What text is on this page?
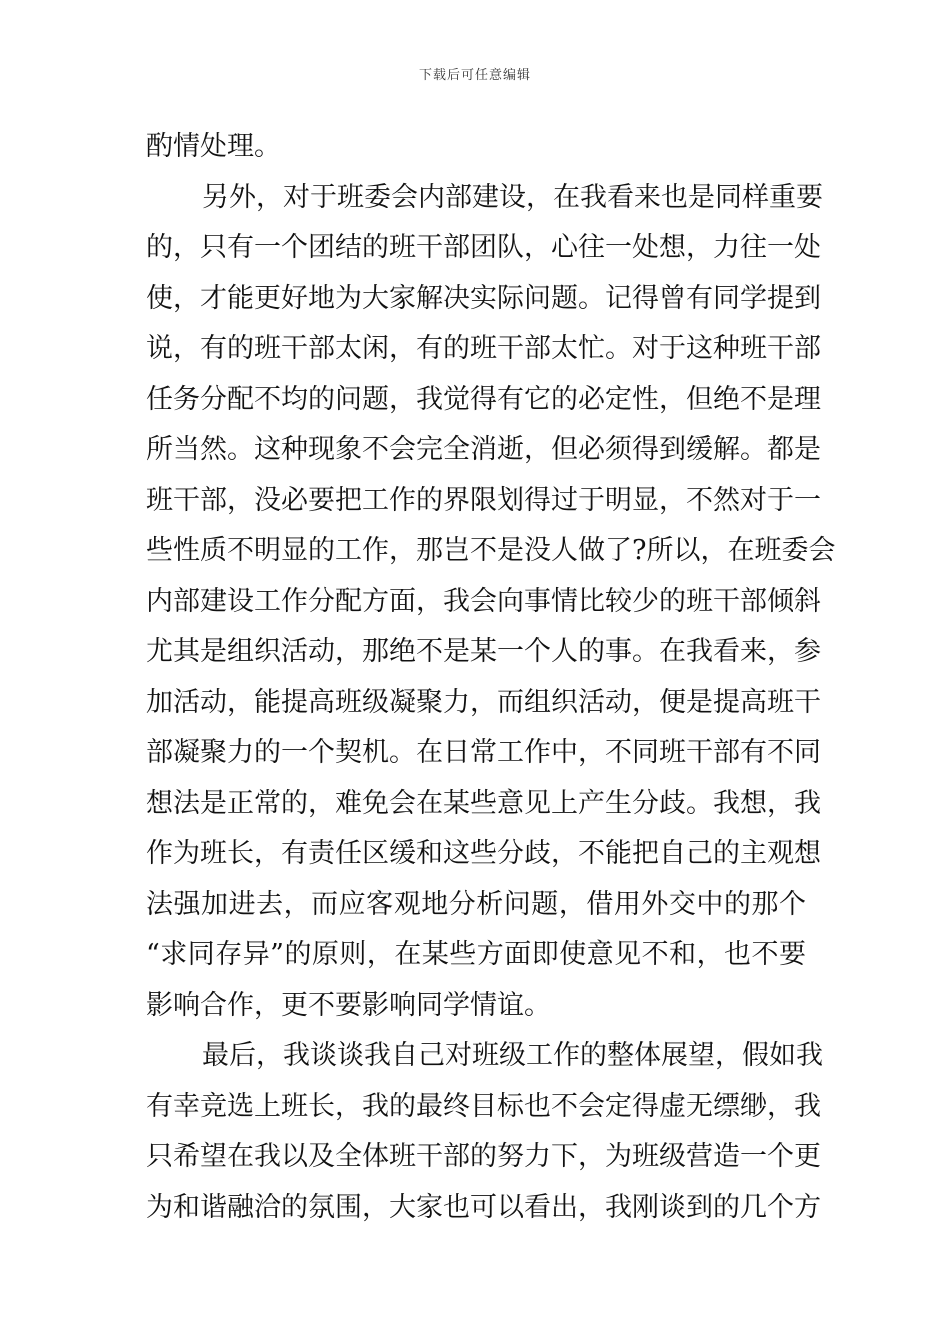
下载后可任意编辑
酌情处理。
另外，对于班委会内部建设，在我看来也是同样重要
的，只有一个团结的班干部团队，心往一处想，力往一处
使，才能更好地为大家解决实际问题。记得曾有同学提到
说，有的班干部太闲，有的班干部太忙。对于这种班干部
任务分配不均的问题，我觉得有它的必定性，但绝不是理
所当然。这种现象不会完全消逝，但必须得到缓解。都是
班干部，没必要把工作的界限划得过于明显，不然对于一
些性质不明显的工作，那岂不是没人做了?所以，在班委会
内部建设工作分配方面，我会向事情比较少的班干部倾斜
尤其是组织活动，那绝不是某一个人的事。在我看来，参
加活动，能提高班级凝聚力，而组织活动，便是提高班干
部凝聚力的一个契机。在日常工作中，不同班干部有不同
想法是正常的，难免会在某些意见上产生分歧。我想，我
作为班长，有责任区缓和这些分歧，不能把自己的主观想
法强加进去，而应客观地分析问题，借用外交中的那个
“求同存异”的原则，在某些方面即使意见不和，也不要
影响合作，更不要影响同学情谊。
最后，我谈谈我自己对班级工作的整体展望，假如我
有幸竞选上班长，我的最终目标也不会定得虚无缥缈，我
只希望在我以及全体班干部的努力下，为班级营造一个更
为和谐融洽的氛围，大家也可以看出，我刚谈到的几个方
